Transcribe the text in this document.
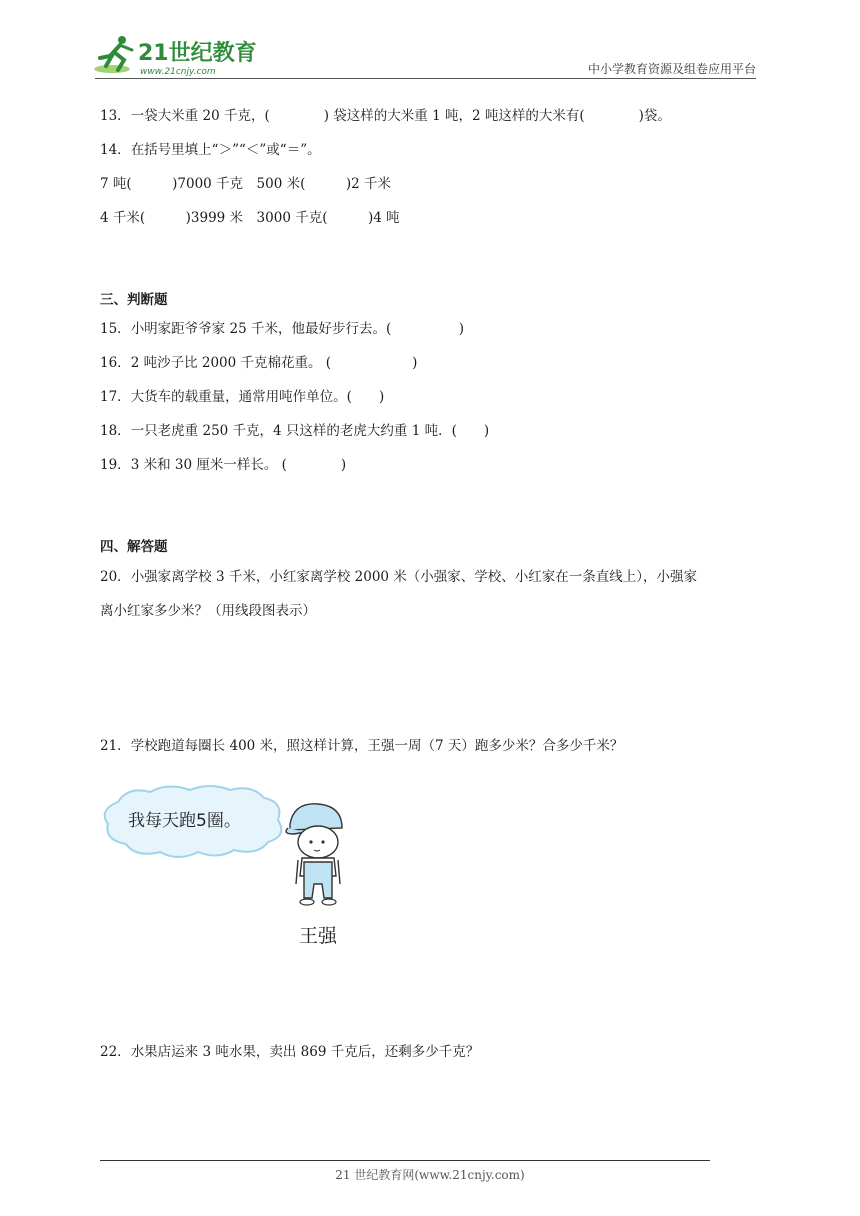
21世纪教育
www.21cnjy.com	中小学教育资源及组卷应用平台
13．一袋大米重 20 千克，(　　　　) 袋这样的大米重 1 吨，2 吨这样的大米有(　　　　)袋。
14．在括号里填上“＞”“＜”或“＝”。
7 吨(　　　)7000 千克　500 米(　　　)2 千米
4 千米(　　　)3999 米　3000 千克(　　　)4 吨
三、判断题
15．小明家距爷爷家 25 千米，他最好步行去。(　　　　　)
16．2 吨沙子比 2000 千克棉花重。 (　　　　　　)
17．大货车的载重量，通常用吨作单位。(　　)
18．一只老虎重 250 千克，4 只这样的老虎大约重 1 吨．(　　)
19．3 米和 30 厘米一样长。 (　　　　)
四、解答题
20．小强家离学校 3 千米，小红家离学校 2000 米（小强家、学校、小红家在一条直线上），小强家
离小红家多少米？（用线段图表示）
21．学校跑道每圈长 400 米，照这样计算，王强一周（7 天）跑多少米？合多少千米？
我每天跑5圈。
王强
22．水果店运来 3 吨水果，卖出 869 千克后，还剩多少千克？
21 世纪教育网(www.21cnjy.com)
